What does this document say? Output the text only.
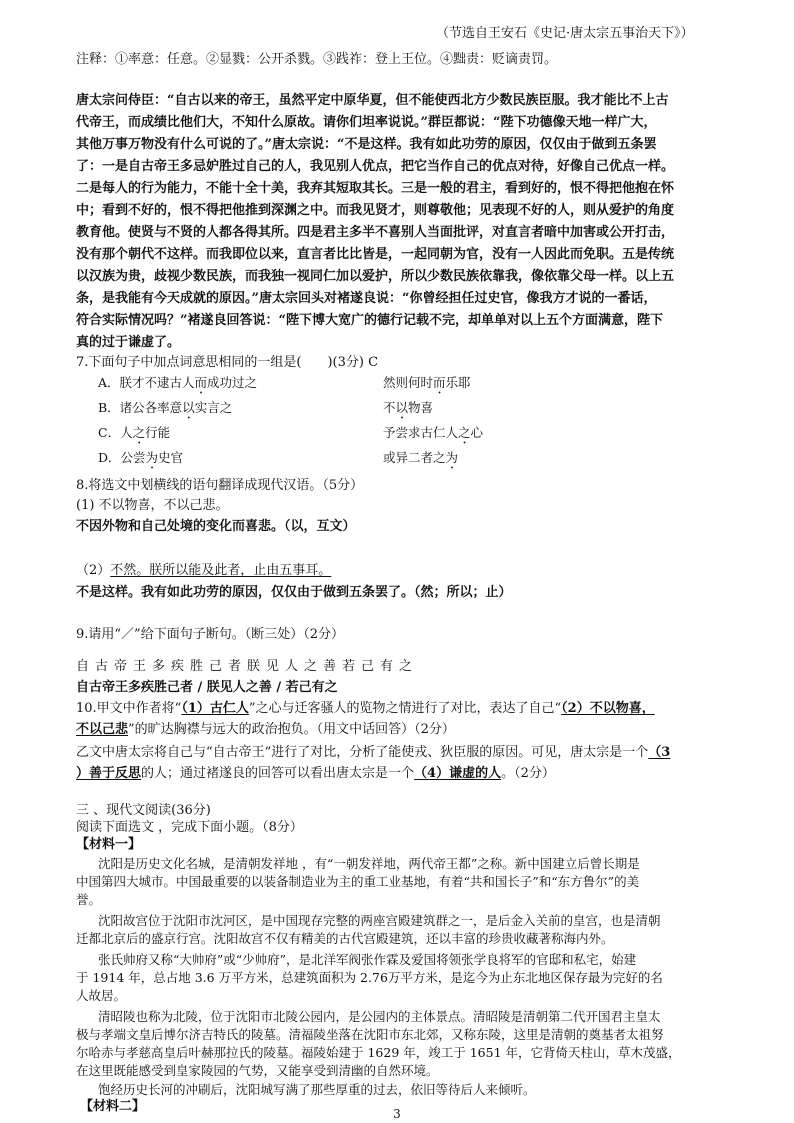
（节选自王安石《史记·唐太宗五事治天下》）
注释：①率意：任意。②显戮：公开杀戮。③践祚：登上王位。④黜责：贬谪责罚。
唐太宗问侍臣：“自古以来的帝王，虽然平定中原华夏，但不能使西北方少数民族臣服。我才能比不上古
代帝王，而成绩比他们大，不知什么原故。请你们坦率说说。”群臣都说：“陛下功德像天地一样广大，
其他万事万物没有什么可说的了。”唐太宗说：“不是这样。我有如此功劳的原因，仅仅由于做到五条罢
了：一是自古帝王多忌妒胜过自己的人，我见别人优点，把它当作自己的优点对待，好像自己优点一样。
二是每人的行为能力，不能十全十美，我弃其短取其长。三是一般的君主，看到好的，恨不得把他抱在怀
中；看到不好的，恨不得把他推到深渊之中。而我见贤才，则尊敬他；见表现不好的人，则从爱护的角度
教育他。使贤与不贤的人都各得其所。四是君主多半不喜别人当面批评，对直言者暗中加害或公开打击，
没有那个朝代不这样。而我即位以来，直言者比比皆是，一起同朝为官，没有一人因此而免职。五是传统
以汉族为贵，歧视少数民族，而我独一视同仁加以爱护，所以少数民族依靠我，像依靠父母一样。以上五
条，是我能有今天成就的原因。”唐太宗回头对褚遂良说：“你曾经担任过史官，像我方才说的一番话，
符合实际情况吗？”褚遂良回答说：“陛下博大宽广的德行记载不完，却单单对以上五个方面满意，陛下
真的过于谦虚了。
7.下面句子中加点词意思相同的一组是(　　)(3分) C
A．朕才不逮古人而成功过之	然则何时而乐耶
B．诸公各率意以实言之	不以物喜
C．人之行能	予尝求古仁人之心
D．公尝为史官	或异二者之为
8.将选文中划横线的语句翻译成现代汉语。（5分）
(1) 不以物喜，不以己悲。
不因外物和自己处境的变化而喜悲。（以，互文）
（2）不然。朕所以能及此者，止由五事耳。
不是这样。我有如此功劳的原因，仅仅由于做到五条罢了。（然；所以；止）
9.请用“／”给下面句子断句。（断三处）（2分）
自古帝王多疾胜己者朕见人之善若己有之
自古帝王多疾胜己者 / 朕见人之善 / 若己有之
10.甲文中作者将“（1）古仁人”之心与迁客骚人的览物之情进行了对比，表达了自己“（2）不以物喜，
不以己悲”的旷达胸襟与远大的政治抱负。（用文中话回答）（2分）
乙文中唐太宗将自己与“自古帝王”进行了对比，分析了能使戎、狄臣服的原因。可见，唐太宗是一个（3
）善于反思的人；通过褚遂良的回答可以看出唐太宗是一个（4）谦虚的人。（2分）
三 、现代文阅读(36分)
阅读下面选文 ，完成下面小题。（8分）
【材料一】
沈阳是历史文化名城，是清朝发祥地 ，有“一朝发祥地，两代帝王都”之称。新中国建立后曾长期是
中国第四大城市。中国最重要的以装备制造业为主的重工业基地，有着“共和国长子”和“东方鲁尔”的美
誉。
沈阳故宫位于沈阳市沈河区，是中国现存完整的两座宫殿建筑群之一，是后金入关前的皇宫，也是清朝
迁都北京后的盛京行宫。沈阳故宫不仅有精美的古代宫殿建筑，还以丰富的珍贵收藏著称海内外。
张氏帅府又称“大帅府”或“少帅府”，是北洋军阀张作霖及爱国将领张学良将军的官邸和私宅，始建
于 1914 年，总占地 3.6 万平方米，总建筑面积为 2.76万平方米，是迄今为止东北地区保存最为完好的名
人故居。
清昭陵也称为北陵，位于沈阳市北陵公园内，是公园内的主体景点。清昭陵是清朝第二代开国君主皇太
极与孝端文皇后博尔济吉特氏的陵墓。清福陵坐落在沈阳市东北郊，又称东陵，这里是清朝的奠基者太祖努
尔哈赤与孝慈高皇后叶赫那拉氏的陵墓。福陵始建于 1629 年，竣工于 1651 年，它背倚天柱山，草木茂盛，
在这里既能感受到皇家陵园的气势，又能享受到清幽的自然环境。
饱经历史长河的冲刷后，沈阳城写满了那些厚重的过去，依旧等待后人来倾听。
【材料二】	3
